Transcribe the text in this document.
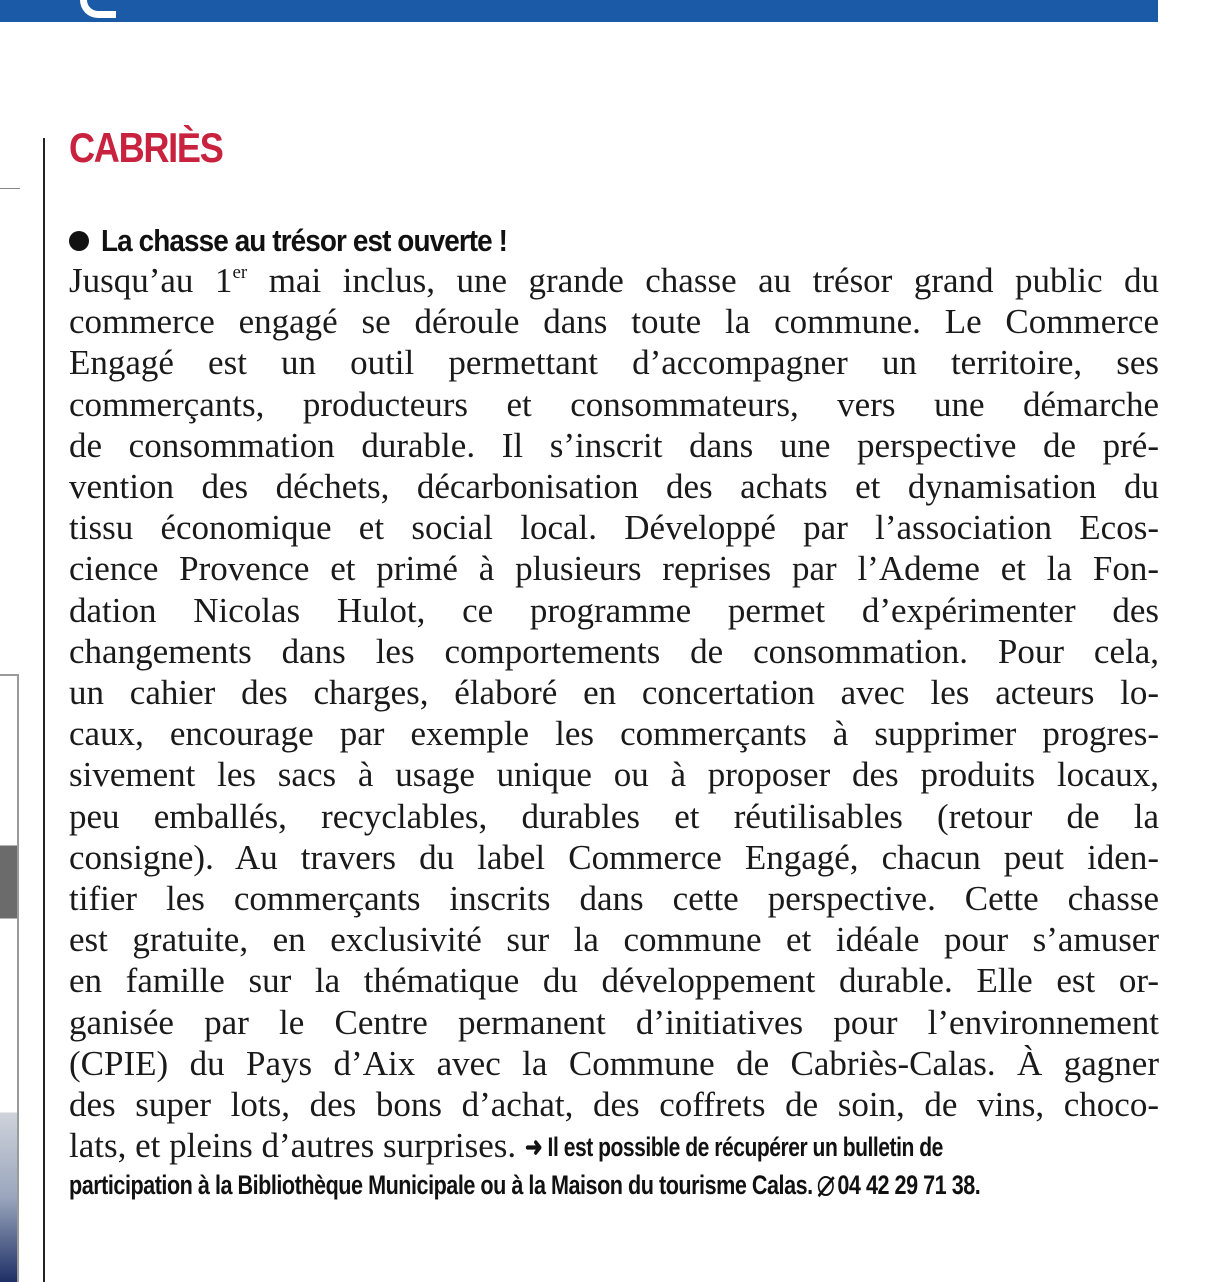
CABRIÈS
La chasse au trésor est ouverte !
Jusqu’au 1er mai inclus, une grande chasse au trésor grand public du
commerce engagé se déroule dans toute la commune. Le Commerce
Engagé est un outil permettant d’accompagner un territoire, ses
commerçants, producteurs et consommateurs, vers une démarche
de consommation durable. Il s’inscrit dans une perspective de pré-
vention des déchets, décarbonisation des achats et dynamisation du
tissu économique et social local. Développé par l’association Ecos-
cience Provence et primé à plusieurs reprises par l’Ademe et la Fon-
dation Nicolas Hulot, ce programme permet d’expérimenter des
changements dans les comportements de consommation. Pour cela,
un cahier des charges, élaboré en concertation avec les acteurs lo-
caux, encourage par exemple les commerçants à supprimer progres-
sivement les sacs à usage unique ou à proposer des produits locaux,
peu emballés, recyclables, durables et réutilisables (retour de la
consigne). Au travers du label Commerce Engagé, chacun peut iden-
tifier les commerçants inscrits dans cette perspective. Cette chasse
est gratuite, en exclusivité sur la commune et idéale pour s’amuser
en famille sur la thématique du développement durable. Elle est or-
ganisée par le Centre permanent d’initiatives pour l’environnement
(CPIE) du Pays d’Aix avec la Commune de Cabriès-Calas. À gagner
des super lots, des bons d’achat, des coffrets de soin, de vins, choco-
lats, et pleins d’autres surprises. ➜ Il est possible de récupérer un bulletin de
participation à la Bibliothèque Municipale ou à la Maison du tourisme Calas. 04 42 29 71 38.
